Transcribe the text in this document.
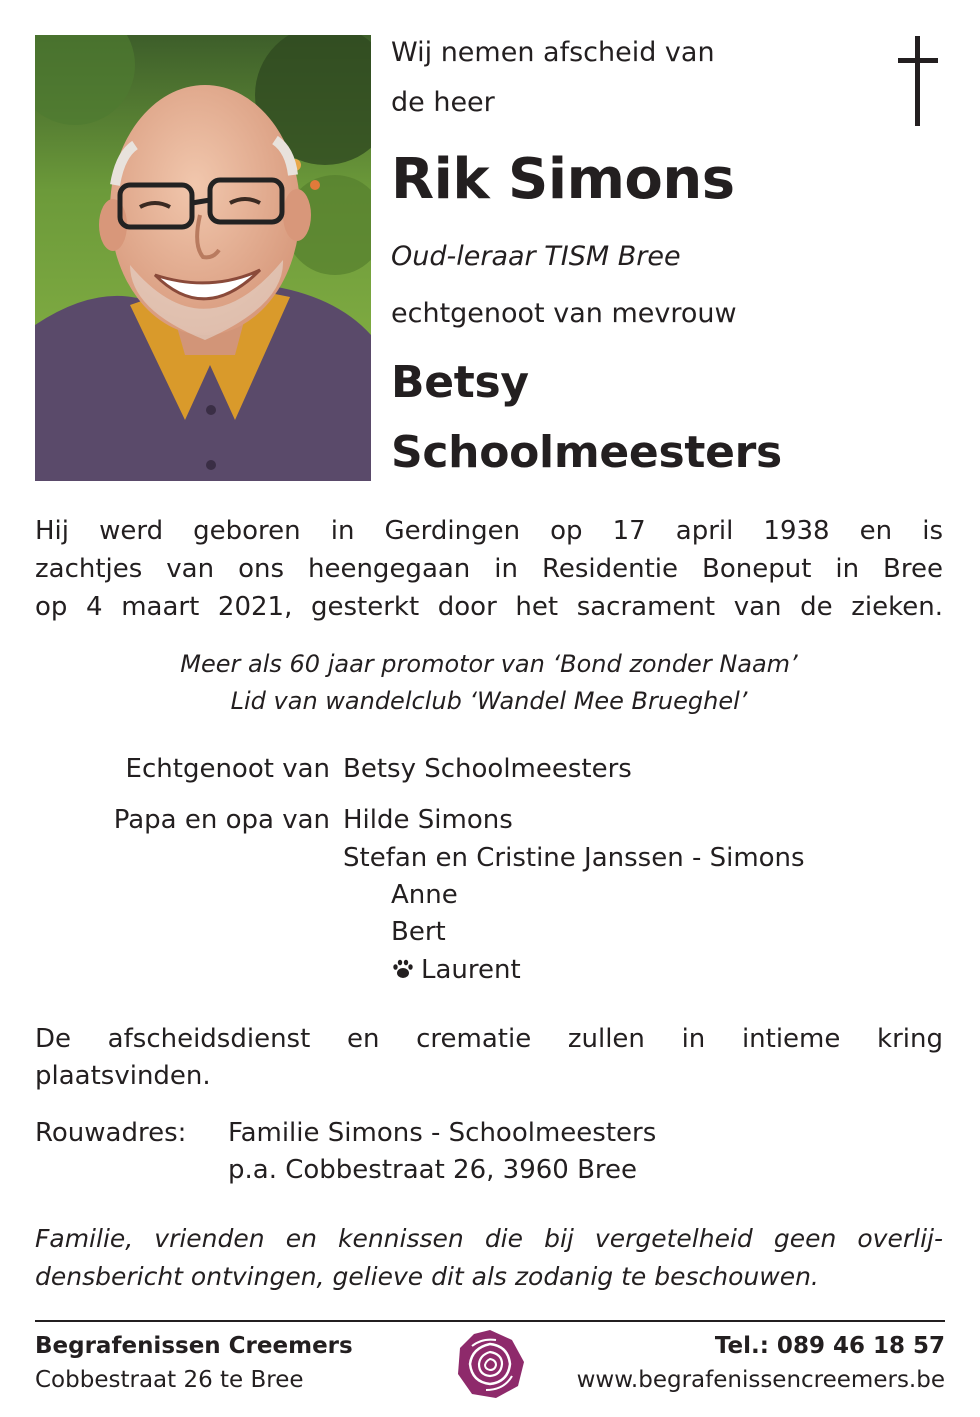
Wij nemen afscheid van
de heer
Rik Simons
Oud-leraar TISM Bree
echtgenoot van mevrouw
Betsy
Schoolmeesters
Hij werd geboren in Gerdingen op 17 april 1938 en is
zachtjes van ons heengegaan in Residentie Boneput in Bree
op 4 maart 2021, gesterkt door het sacrament van de zieken.
Meer als 60 jaar promotor van ‘Bond zonder Naam’
Lid van wandelclub ‘Wandel Mee Brueghel’
Echtgenoot van Betsy Schoolmeesters
Papa en opa van Hilde Simons
Stefan en Cristine Janssen - Simons
Anne
Bert
Laurent
De afscheidsdienst en crematie zullen in intieme kring
plaatsvinden.
Rouwadres: Familie Simons - Schoolmeesters
p.a. Cobbestraat 26, 3960 Bree
Familie, vrienden en kennissen die bij vergetelheid geen overlij-
densbericht ontvingen, gelieve dit als zodanig te beschouwen.
Begrafenissen Creemers
Cobbestraat 26 te Bree
Tel.: 089 46 18 57
www.begrafenissencreemers.be
